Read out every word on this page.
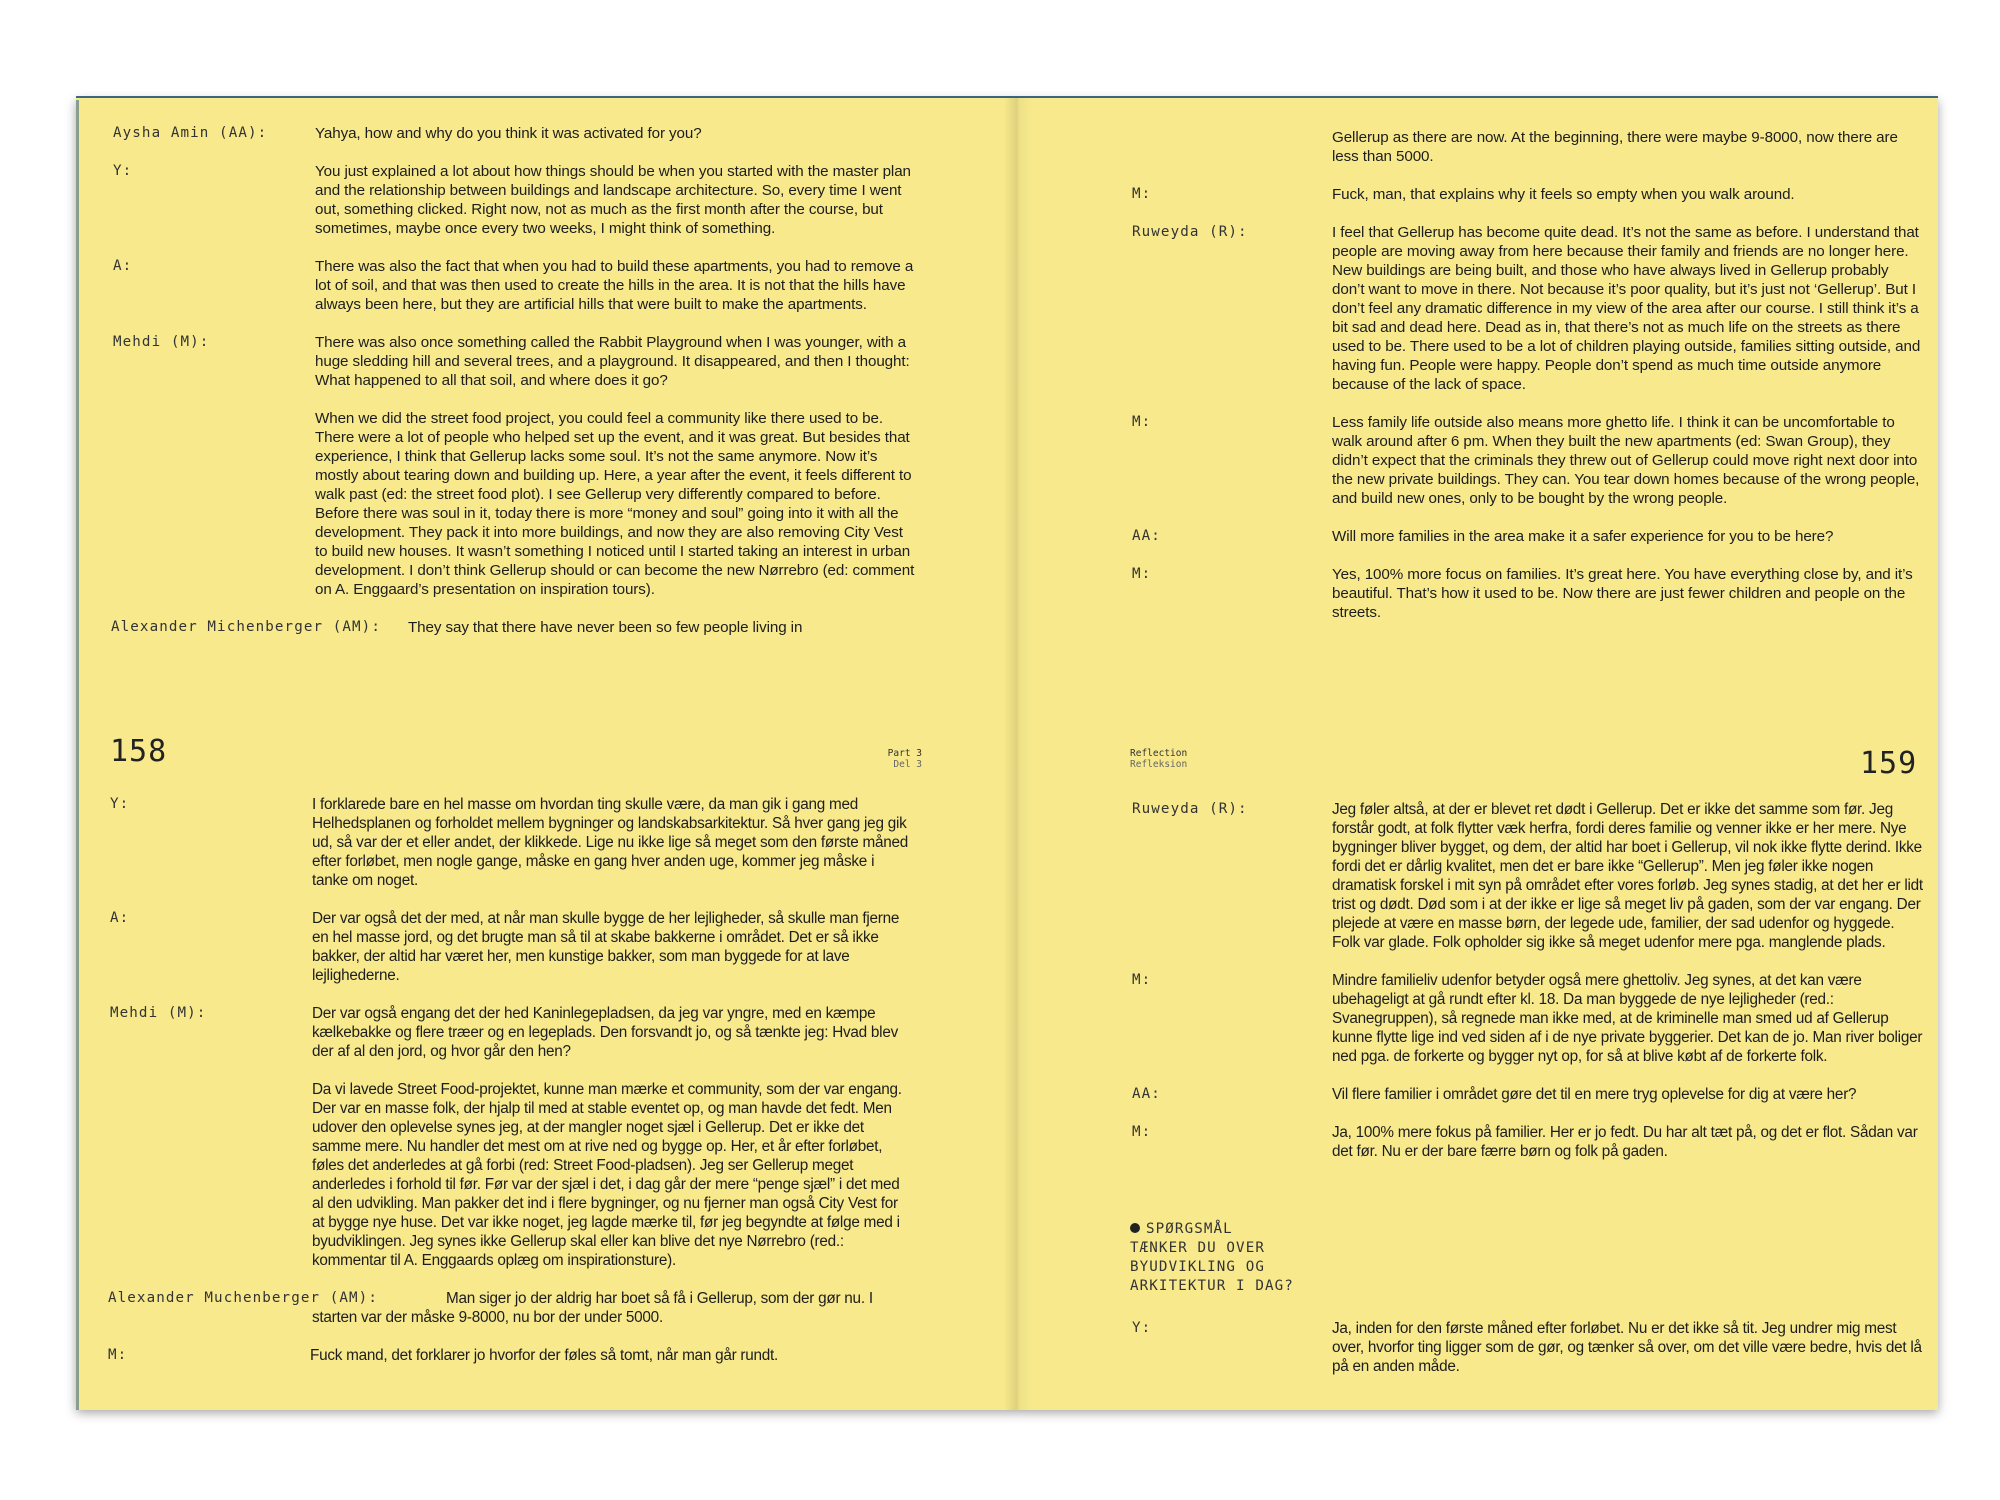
Aysha Amin (AA):	Yahya, how and why do you think it was activated for you?
Y:	You just explained a lot about how things should be when you started with the master plan and the relationship between buildings and landscape architecture. So, every time I went out, something clicked. Right now, not as much as the first month after the course, but sometimes, maybe once every two weeks, I might think of something.
A:	There was also the fact that when you had to build these apartments, you had to remove a lot of soil, and that was then used to create the hills in the area. It is not that the hills have always been here, but they are artificial hills that were built to make the apartments.
Mehdi (M):	There was also once something called the Rabbit Playground when I was younger, with a huge sledding hill and several trees, and a playground. It disappeared, and then I thought: What happened to all that soil, and where does it go?
When we did the street food project, you could feel a community like there used to be. There were a lot of people who helped set up the event, and it was great. But besides that experience, I think that Gellerup lacks some soul. It’s not the same anymore. Now it’s mostly about tearing down and building up. Here, a year after the event, it feels different to walk past (ed: the street food plot). I see Gellerup very differently compared to before. Before there was soul in it, today there is more “money and soul” going into it with all the development. They pack it into more buildings, and now they are also removing City Vest to build new houses. It wasn’t something I noticed until I started taking an interest in urban development. I don’t think Gellerup should or can become the new Nørrebro (ed: comment on A. Enggaard’s presentation on inspiration tours).
Alexander Michenberger (AM): They say that there have never been so few people living in
158	Part 3
Del 3
Y:	I forklarede bare en hel masse om hvordan ting skulle være, da man gik i gang med Helhedsplanen og forholdet mellem bygninger og landskabsarkitektur. Så hver gang jeg gik ud, så var der et eller andet, der klikkede. Lige nu ikke lige så meget som den første måned efter forløbet, men nogle gange, måske en gang hver anden uge, kommer jeg måske i tanke om noget.
A:	Der var også det der med, at når man skulle bygge de her lejligheder, så skulle man fjerne en hel masse jord, og det brugte man så til at skabe bakkerne i området. Det er så ikke bakker, der altid har været her, men kunstige bakker, som man byggede for at lave lejlighederne.
Mehdi (M):	Der var også engang det der hed Kaninlegepladsen, da jeg var yngre, med en kæmpe kælkebakke og flere træer og en legeplads. Den forsvandt jo, og så tænkte jeg: Hvad blev der af al den jord, og hvor går den hen?
Da vi lavede Street Food-projektet, kunne man mærke et community, som der var engang. Der var en masse folk, der hjalp til med at stable eventet op, og man havde det fedt. Men udover den oplevelse synes jeg, at der mangler noget sjæl i Gellerup. Det er ikke det samme mere. Nu handler det mest om at rive ned og bygge op. Her, et år efter forløbet, føles det anderledes at gå forbi (red: Street Food-pladsen). Jeg ser Gellerup meget anderledes i forhold til før. Før var der sjæl i det, i dag går der mere “penge sjæl” i det med al den udvikling. Man pakker det ind i flere bygninger, og nu fjerner man også City Vest for at bygge nye huse. Det var ikke noget, jeg lagde mærke til, før jeg begyndte at følge med i byudviklingen. Jeg synes ikke Gellerup skal eller kan blive det nye Nørrebro (red.: kommentar til A. Enggaards oplæg om inspirationsture).
Alexander Muchenberger (AM):	Man siger jo der aldrig har boet så få i Gellerup, som der gør nu. I starten var der måske 9-8000, nu bor der under 5000.
M:	Fuck mand, det forklarer jo hvorfor der føles så tomt, når man går rundt.
Gellerup as there are now. At the beginning, there were maybe 9-8000, now there are less than 5000.
M:	Fuck, man, that explains why it feels so empty when you walk around.
Ruweyda (R):	I feel that Gellerup has become quite dead. It’s not the same as before. I understand that people are moving away from here because their family and friends are no longer here. New buildings are being built, and those who have always lived in Gellerup probably don’t want to move in there. Not because it’s poor quality, but it’s just not ‘Gellerup’. But I don’t feel any dramatic difference in my view of the area after our course. I still think it’s a bit sad and dead here. Dead as in, that there’s not as much life on the streets as there used to be. There used to be a lot of children playing outside, families sitting outside, and having fun. People were happy. People don’t spend as much time outside anymore because of the lack of space.
M:	Less family life outside also means more ghetto life. I think it can be uncomfortable to walk around after 6 pm. When they built the new apartments (ed: Swan Group), they didn’t expect that the criminals they threw out of Gellerup could move right next door into the new private buildings. They can. You tear down homes because of the wrong people, and build new ones, only to be bought by the wrong people.
AA:	Will more families in the area make it a safer experience for you to be here?
M:	Yes, 100% more focus on families. It’s great here. You have everything close by, and it’s beautiful. That’s how it used to be. Now there are just fewer children and people on the streets.
Reflection
Refleksion	159
Ruweyda (R):	Jeg føler altså, at der er blevet ret dødt i Gellerup. Det er ikke det samme som før. Jeg forstår godt, at folk flytter væk herfra, fordi deres familie og venner ikke er her mere. Nye bygninger bliver bygget, og dem, der altid har boet i Gellerup, vil nok ikke flytte derind. Ikke fordi det er dårlig kvalitet, men det er bare ikke “Gellerup”. Men jeg føler ikke nogen dramatisk forskel i mit syn på området efter vores forløb. Jeg synes stadig, at det her er lidt trist og dødt. Død som i at der ikke er lige så meget liv på gaden, som der var engang. Der plejede at være en masse børn, der legede ude, familier, der sad udenfor og hyggede. Folk var glade. Folk opholder sig ikke så meget udenfor mere pga. manglende plads.
M:	Mindre familieliv udenfor betyder også mere ghettoliv. Jeg synes, at det kan være ubehageligt at gå rundt efter kl. 18. Da man byggede de nye lejligheder (red.: Svanegruppen), så regnede man ikke med, at de kriminelle man smed ud af Gellerup kunne flytte lige ind ved siden af i de nye private byggerier. Det kan de jo. Man river boliger ned pga. de forkerte og bygger nyt op, for så at blive købt af de forkerte folk.
AA:	Vil flere familier i området gøre det til en mere tryg oplevelse for dig at være her?
M:	Ja, 100% mere fokus på familier. Her er jo fedt. Du har alt tæt på, og det er flot. Sådan var det før. Nu er der bare færre børn og folk på gaden.
SPØRGSMÅL
TÆNKER DU OVER
BYUDVIKLING OG
ARKITEKTUR I DAG?
Y:	Ja, inden for den første måned efter forløbet. Nu er det ikke så tit. Jeg undrer mig mest over, hvorfor ting ligger som de gør, og tænker så over, om det ville være bedre, hvis det lå på en anden måde.
